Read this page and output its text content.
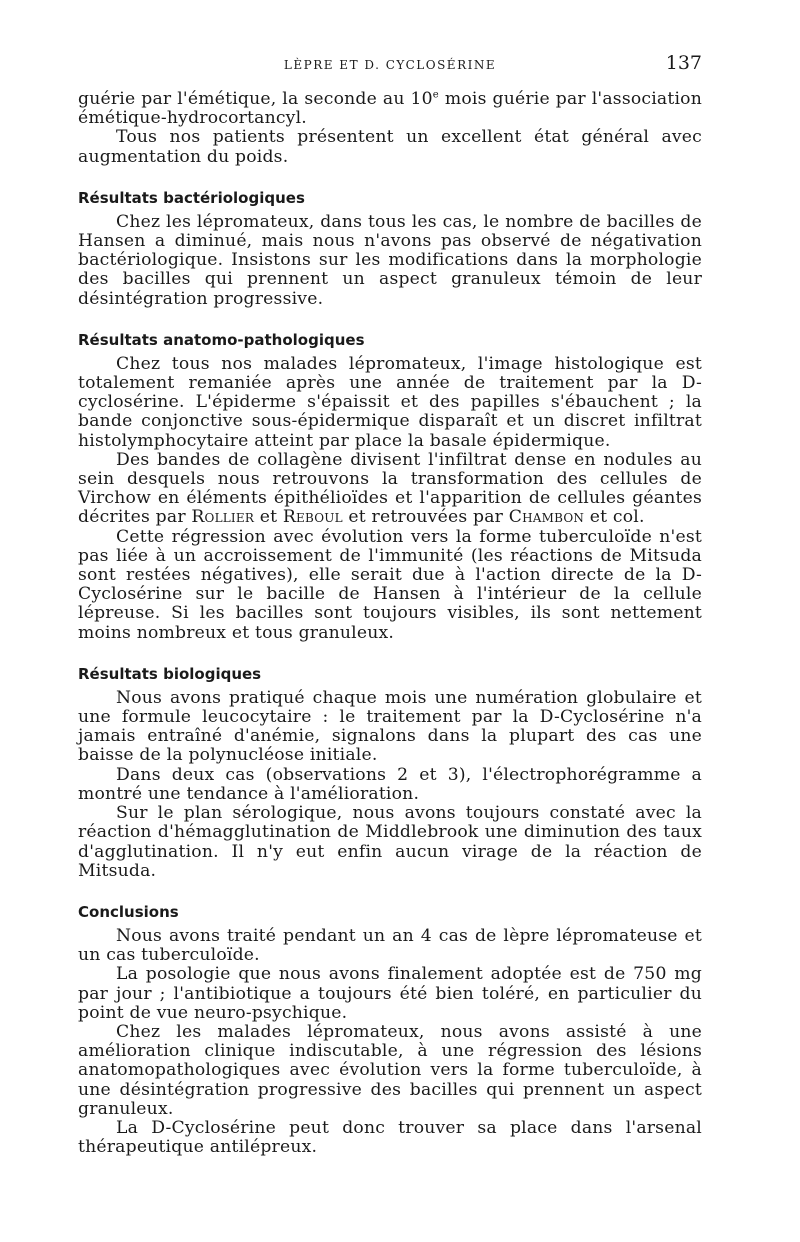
LÈPRE ET D. CYCLOSÉRINE	137

guérie par l'émétique, la seconde au 10e mois guérie par l'association émétique-hydrocortancyl.

Tous nos patients présentent un excellent état général avec augmentation du poids.

Résultats bactériologiques

Chez les lépromateux, dans tous les cas, le nombre de bacilles de Hansen a diminué, mais nous n'avons pas observé de négativation bactériologique. Insistons sur les modifications dans la morphologie des bacilles qui prennent un aspect granuleux témoin de leur désintégration progressive.

Résultats anatomo-pathologiques

Chez tous nos malades lépromateux, l'image histologique est totalement remaniée après une année de traitement par la D-cyclosérine. L'épiderme s'épaissit et des papilles s'ébauchent ; la bande conjonctive sous-épidermique disparaît et un discret infiltrat histolymphocytaire atteint par place la basale épidermique.

Des bandes de collagène divisent l'infiltrat dense en nodules au sein desquels nous retrouvons la transformation des cellules de Virchow en éléments épithélioïdes et l'apparition de cellules géantes décrites par Rollier et Reboul et retrouvées par Chambon et col.

Cette régression avec évolution vers la forme tuberculoïde n'est pas liée à un accroissement de l'immunité (les réactions de Mitsuda sont restées négatives), elle serait due à l'action directe de la D-Cyclosérine sur le bacille de Hansen à l'intérieur de la cellule lépreuse. Si les bacilles sont toujours visibles, ils sont nettement moins nombreux et tous granuleux.

Résultats biologiques

Nous avons pratiqué chaque mois une numération globulaire et une formule leucocytaire : le traitement par la D-Cyclosérine n'a jamais entraîné d'anémie, signalons dans la plupart des cas une baisse de la polynucléose initiale.

Dans deux cas (observations 2 et 3), l'électrophorégramme a montré une tendance à l'amélioration.

Sur le plan sérologique, nous avons toujours constaté avec la réaction d'hémagglutination de Middlebrook une diminution des taux d'agglutination. Il n'y eut enfin aucun virage de la réaction de Mitsuda.

Conclusions

Nous avons traité pendant un an 4 cas de lèpre lépromateuse et un cas tuberculoïde.

La posologie que nous avons finalement adoptée est de 750 mg par jour ; l'antibiotique a toujours été bien toléré, en particulier du point de vue neuro-psychique.

Chez les malades lépromateux, nous avons assisté à une amélioration clinique indiscutable, à une régression des lésions anatomopathologiques avec évolution vers la forme tuberculoïde, à une désintégration progressive des bacilles qui prennent un aspect granuleux.

La D-Cyclosérine peut donc trouver sa place dans l'arsenal thérapeutique antilépreux.
